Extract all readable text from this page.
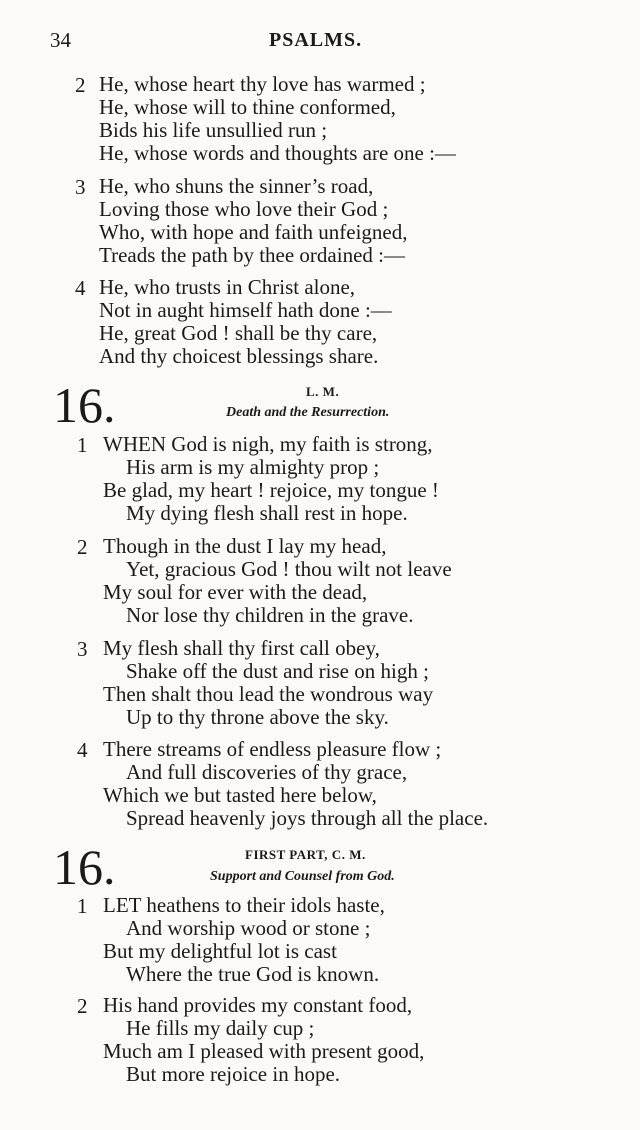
34	PSALMS.
2 He, whose heart thy love has warmed ;
He, whose will to thine conformed,
Bids his life unsullied run ;
He, whose words and thoughts are one :—
3 He, who shuns the sinner’s road,
Loving those who love their God ;
Who, with hope and faith unfeigned,
Treads the path by thee ordained :—
4 He, who trusts in Christ alone,
Not in aught himself hath done :—
He, great God ! shall be thy care,
And thy choicest blessings share.
16.	L. M.
Death and the Resurrection.
1 WHEN God is nigh, my faith is strong,
His arm is my almighty prop ;
Be glad, my heart ! rejoice, my tongue !
My dying flesh shall rest in hope.
2 Though in the dust I lay my head,
Yet, gracious God ! thou wilt not leave
My soul for ever with the dead,
Nor lose thy children in the grave.
3 My flesh shall thy first call obey,
Shake off the dust and rise on high ;
Then shalt thou lead the wondrous way
Up to thy throne above the sky.
4 There streams of endless pleasure flow ;
And full discoveries of thy grace,
Which we but tasted here below,
Spread heavenly joys through all the place.
16.	FIRST PART, C. M.
Support and Counsel from God.
1 LET heathens to their idols haste,
And worship wood or stone ;
But my delightful lot is cast
Where the true God is known.
2 His hand provides my constant food,
He fills my daily cup ;
Much am I pleased with present good,
But more rejoice in hope.
